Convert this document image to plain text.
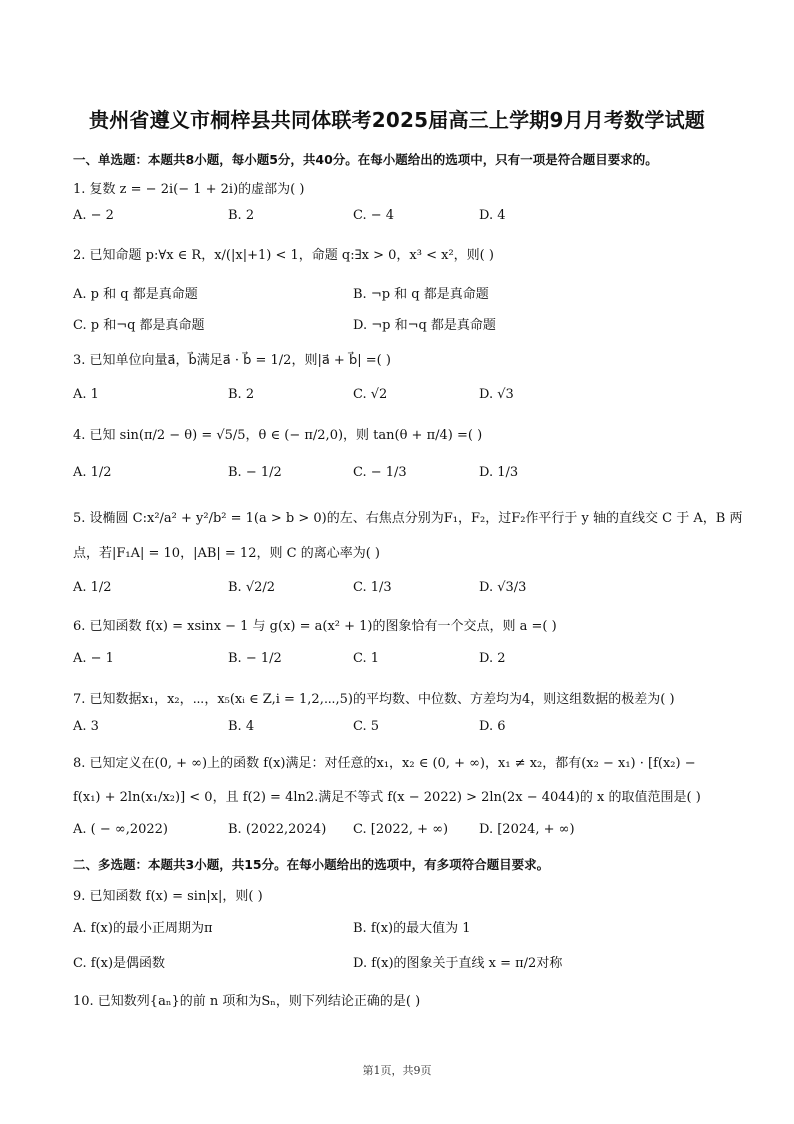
贵州省遵义市桐梓县共同体联考2025届高三上学期9月月考数学试题
一、单选题：本题共8小题，每小题5分，共40分。在每小题给出的选项中，只有一项是符合题目要求的。
1. 复数 z = − 2i(− 1 + 2i)的虚部为( )
A. − 2	B. 2	C. − 4	D. 4
2. 已知命题 p:∀x ∈ R，x/(|x|+1) < 1，命题 q:∃x > 0，x³ < x²，则( )
A. p 和 q 都是真命题	B. ¬p 和 q 都是真命题
C. p 和¬q 都是真命题	D. ¬p 和¬q 都是真命题
3. 已知单位向量a⃗，b⃗满足a⃗ · b⃗ = 1/2，则|a⃗ + b⃗| =( )
A. 1	B. 2	C. √2	D. √3
4. 已知 sin(π/2 − θ) = √5/5，θ ∈ (− π/2,0)，则 tan(θ + π/4) =( )
A. 1/2	B. − 1/2	C. − 1/3	D. 1/3
5. 设椭圆 C:x²/a² + y²/b² = 1(a > b > 0)的左、右焦点分别为F₁，F₂，过F₂作平行于 y 轴的直线交 C 于 A，B 两
点，若|F₁A| = 10，|AB| = 12，则 C 的离心率为( )
A. 1/2	B. √2/2	C. 1/3	D. √3/3
6. 已知函数 f(x) = xsinx − 1 与 g(x) = a(x² + 1)的图象恰有一个交点，则 a =( )
A. − 1	B. − 1/2	C. 1	D. 2
7. 已知数据x₁，x₂，⋯，x₅(xᵢ ∈ Z,i = 1,2,⋯,5)的平均数、中位数、方差均为4，则这组数据的极差为( )
A. 3	B. 4	C. 5	D. 6
8. 已知定义在(0, + ∞)上的函数 f(x)满足：对任意的x₁，x₂ ∈ (0, + ∞)，x₁ ≠ x₂，都有(x₂ − x₁) · [f(x₂) −
f(x₁) + 2ln(x₁/x₂)] < 0，且 f(2) = 4ln2.满足不等式 f(x − 2022) > 2ln(2x − 4044)的 x 的取值范围是( )
A. ( − ∞,2022)	B. (2022,2024) C. [2022, + ∞) D. [2024, + ∞)
二、多选题：本题共3小题，共15分。在每小题给出的选项中，有多项符合题目要求。
9. 已知函数 f(x) = sin|x|，则( )
A. f(x)的最小正周期为π	B. f(x)的最大值为 1
C. f(x)是偶函数	D. f(x)的图象关于直线 x = π/2对称
10. 已知数列{aₙ}的前 n 项和为Sₙ，则下列结论正确的是( )
第1页，共9页
